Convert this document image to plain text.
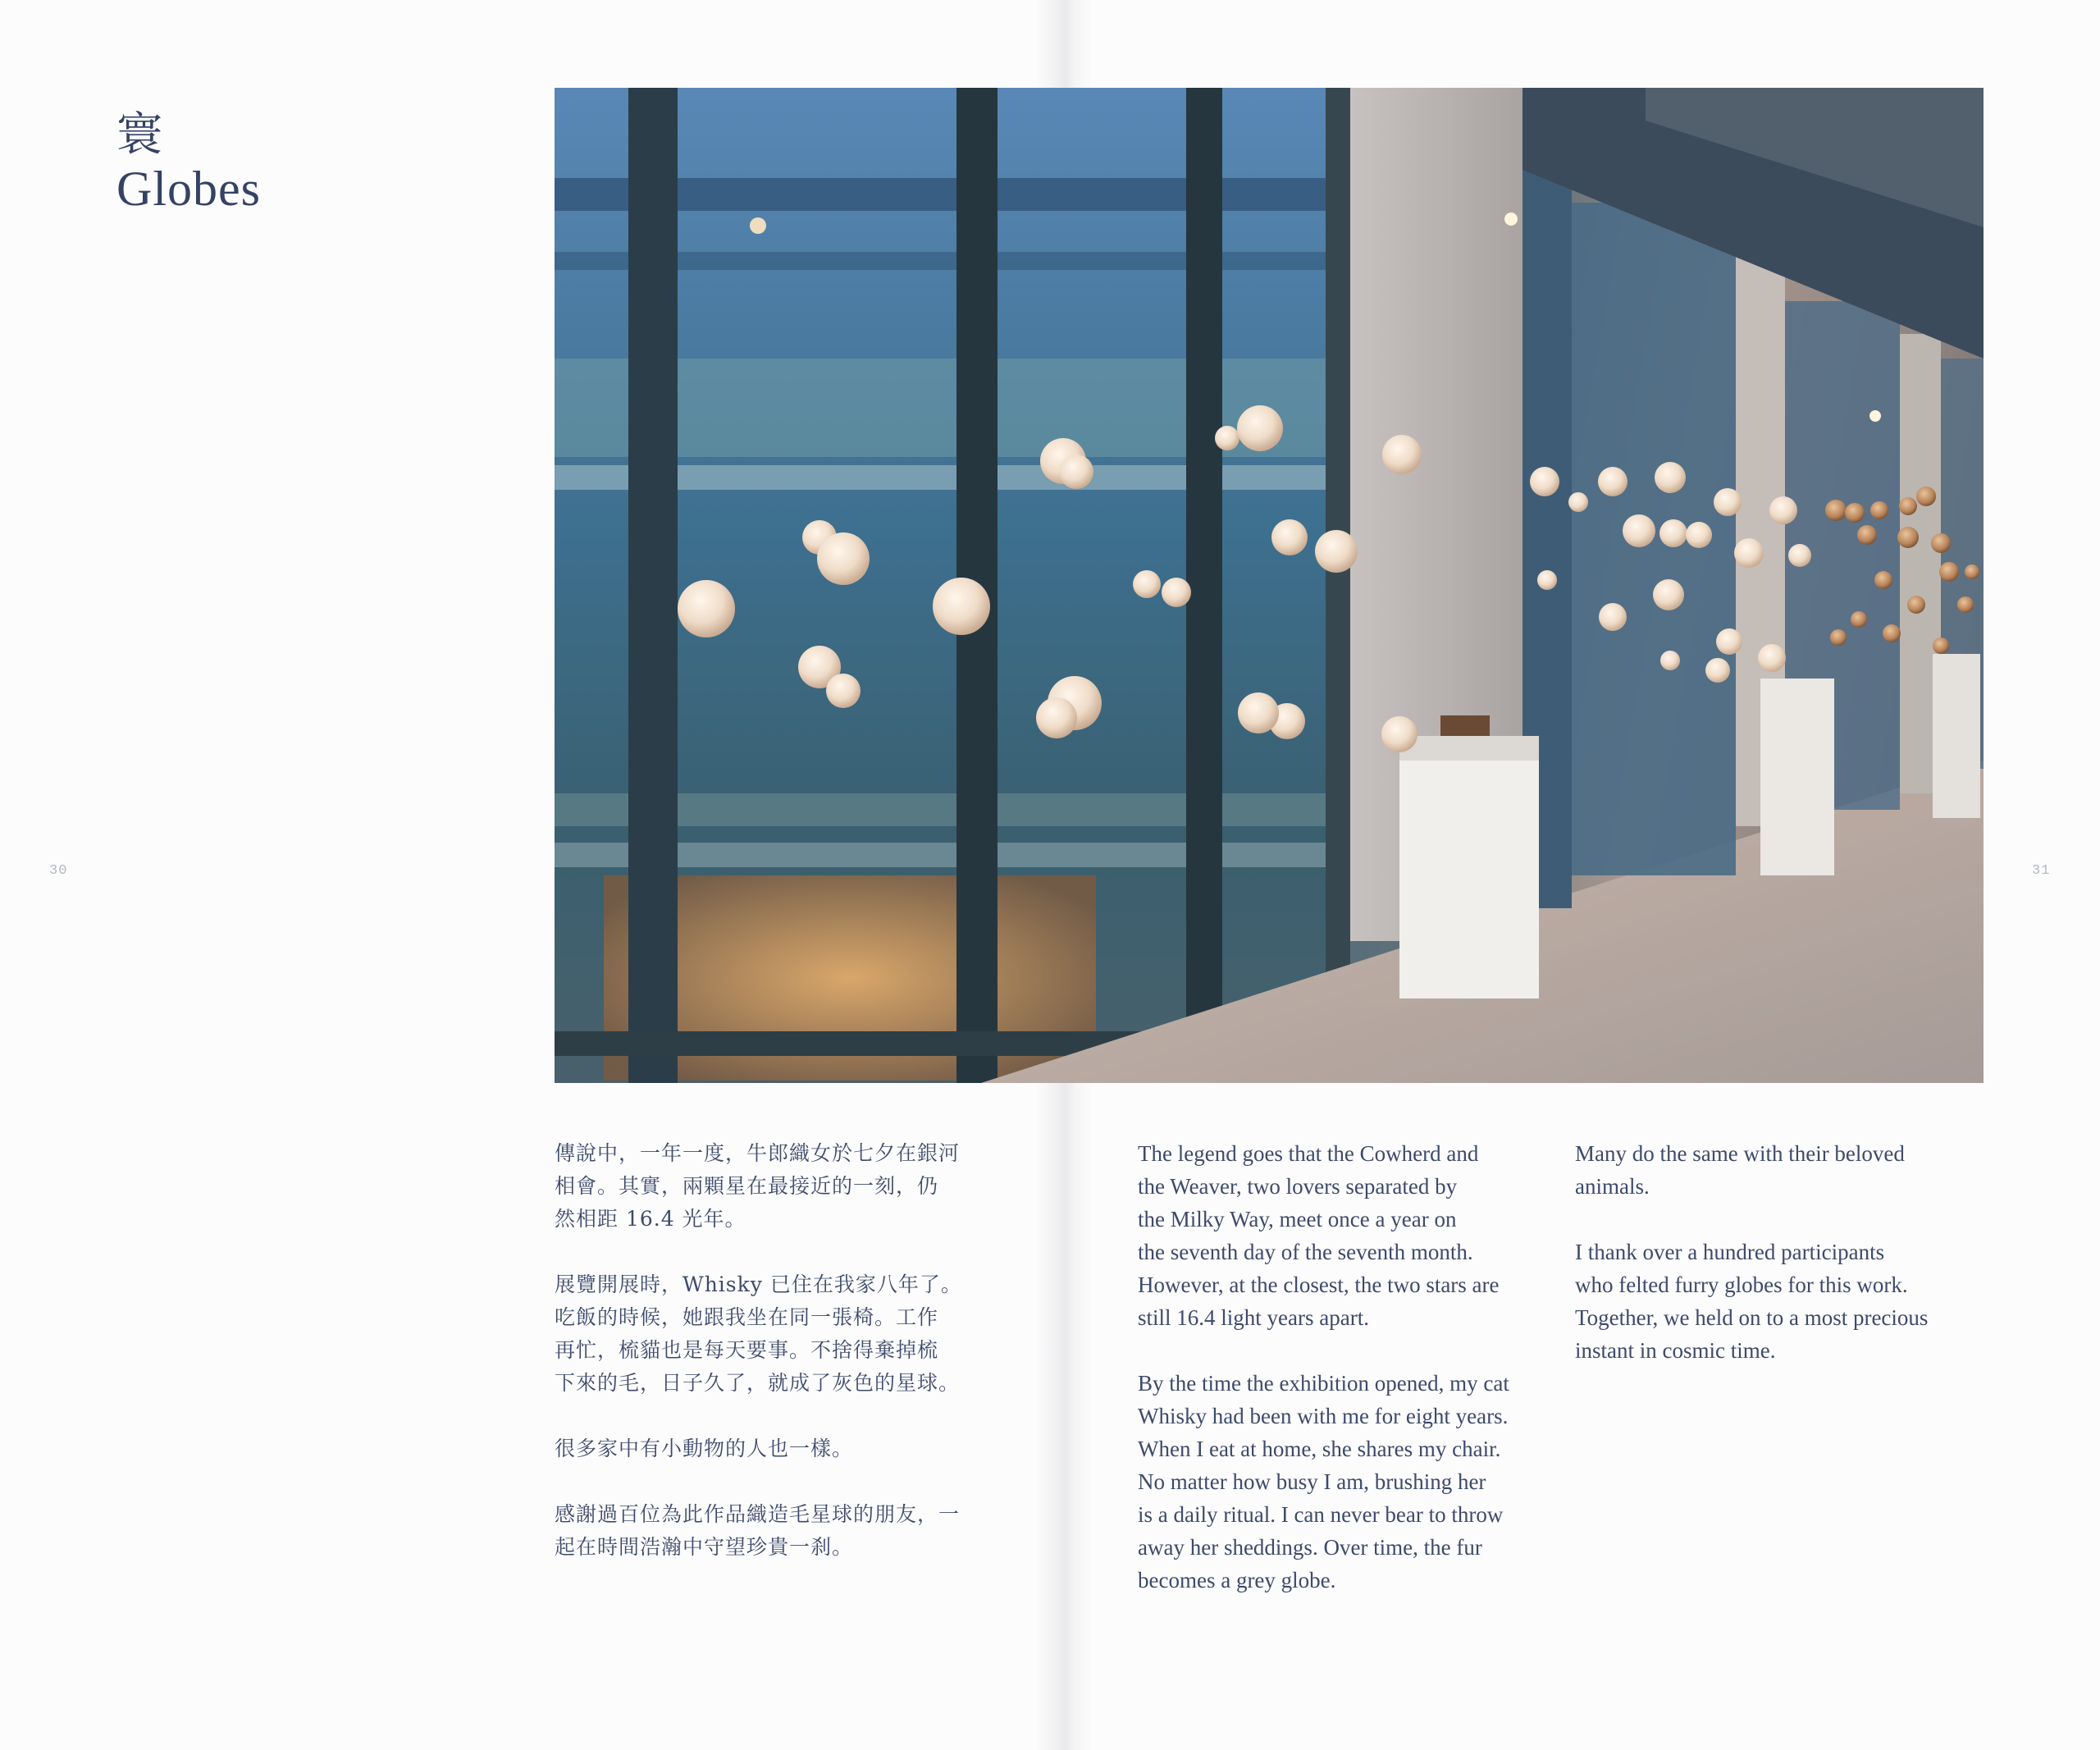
寰
Globes
30	31

傳說中，一年一度，牛郎織女於七夕在銀河
相會。其實，兩顆星在最接近的一刻，仍
然相距 16.4 光年。

展覽開展時，Whisky 已住在我家八年了。
吃飯的時候，她跟我坐在同一張椅。工作
再忙，梳貓也是每天要事。不捨得棄掉梳
下來的毛，日子久了，就成了灰色的星球。

很多家中有小動物的人也一樣。

感謝過百位為此作品織造毛星球的朋友，一
起在時間浩瀚中守望珍貴一刹。

The legend goes that the Cowherd and
the Weaver, two lovers separated by
the Milky Way, meet once a year on
the seventh day of the seventh month.
However, at the closest, the two stars are
still 16.4 light years apart.

By the time the exhibition opened, my cat
Whisky had been with me for eight years.
When I eat at home, she shares my chair.
No matter how busy I am, brushing her
is a daily ritual. I can never bear to throw
away her sheddings. Over time, the fur
becomes a grey globe.

Many do the same with their beloved
animals.

I thank over a hundred participants
who felted furry globes for this work.
Together, we held on to a most precious
instant in cosmic time.
